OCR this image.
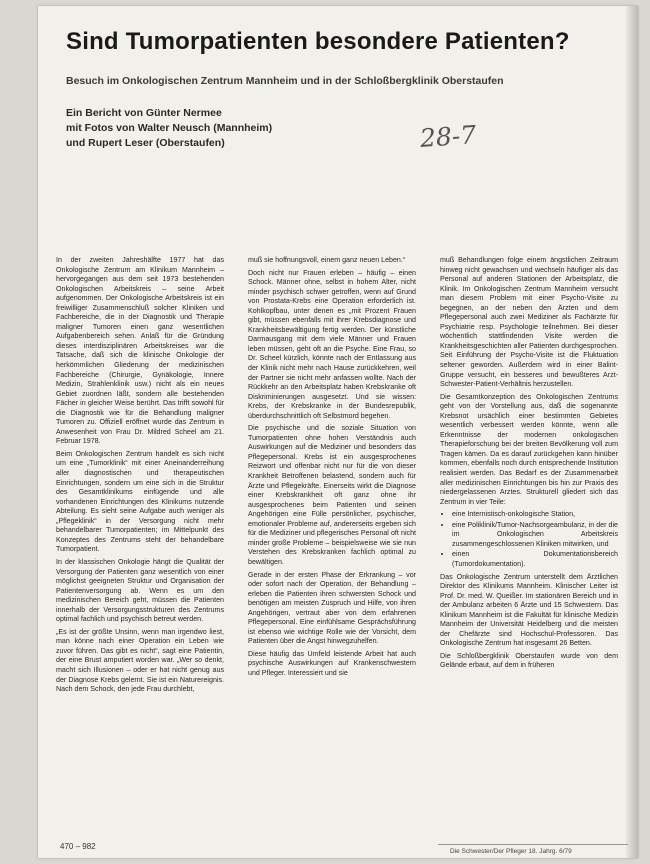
Sind Tumorpatienten besondere Patienten?
Besuch im Onkologischen Zentrum Mannheim und in der Schloßbergklinik Oberstaufen
Ein Bericht von Günter Nermee
mit Fotos von Walter Neusch (Mannheim)
und Rupert Leser (Oberstaufen)	28-7

In der zweiten Jahreshälfte 1977 hat das Onkologische Zentrum am Klinikum Mannheim – hervorgegangen aus dem seit 1973 bestehenden Onkologischen Arbeitskreis – seine Arbeit aufgenommen. Der Onkologische Arbeitskreis ist ein freiwilliger Zusammenschluß solcher Kliniken und Fachbereiche, die in der Diagnostik und Therapie maligner Tumoren einen ganz wesentlichen Aufgabenbereich sehen. Anlaß für die Gründung dieses interdisziplinären Arbeitskreises war die Tatsache, daß sich die klinische Onkologie der herkömmlichen Gliederung der medizinischen Fachbereiche (Chirurgie, Gynäkologie, Innere Medizin, Strahlenklinik usw.) nicht als ein neues Gebiet zuordnen läßt, sondern alle bestehenden Fächer in gleicher Weise berührt. Das trifft sowohl für die Diagnostik wie für die Behandlung maligner Tumoren zu. Offiziell eröffnet wurde das Zentrum in Anwesenheit von Frau Dr. Mildred Scheel am 21. Februar 1978.

Beim Onkologischen Zentrum handelt es sich nicht um eine „Tumorklinik“ mit einer Aneinanderreihung aller diagnostischen und therapeutischen Einrichtungen, sondern um eine sich in die Struktur des Gesamtklinikums einfügende und alle vorhandenen Einrichtungen des Klinikums nutzende Abteilung. Es sieht seine Aufgabe auch weniger als „Pflegeklinik“ in der Versorgung nicht mehr behandelbarer Tumorpatienten; im Mittelpunkt des Konzeptes des Zentrums steht der behandelbare Tumorpatient.

In der klassischen Onkologie hängt die Qualität der Versorgung der Patienten ganz wesentlich von einer möglichst geeigneten Struktur und Organisation der Patientenversorgung ab. Wenn es um den medizinischen Bereich geht, müssen die Patienten innerhalb der Versorgungsstrukturen des Zentrums optimal fachlich und psychisch betreut werden.

„Es ist der größte Unsinn, wenn man irgendwo liest, man könne nach einer Operation ein Leben wie zuvor führen. Das gibt es nicht“, sagt eine Patientin, der eine Brust amputiert worden war. „Wer so denkt, macht sich Illusionen – oder er hat nicht genug aus der Diagnose Krebs gelernt. Sie ist ein Naturereignis. Nach dem Schock, den jede Frau durchlebt,

muß sie hoffnungsvoll, einem ganz neuen Leben.“

Doch nicht nur Frauen erleben – häufig – einen Schock. Männer ohne, selbst in hohem Alter, nicht minder psychisch schwer getroffen, wenn auf Grund von Prostata-Krebs eine Operation erforderlich ist. Kohlkopfbau, unter denen es „mit Prozent Frauen gibt, müssen ebenfalls mit ihrer Krebsdiagnose und Krankheitsbewältigung fertig werden. Der künstliche Darmausgang mit dem viele Männer und Frauen leben müssen, geht oft an die Psyche. Eine Frau, so Dr. Scheel kürzlich, könnte nach der Entlassung aus der Klinik nicht mehr nach Hause zurückkehren, weil der Partner sie nicht mehr anfassen wollte. Nach der Rückkehr an den Arbeitsplatz haben Krebskranke oft Diskriminierungen ausgesetzt. Und sie wissen: Krebs, der Krebskranke in der Bundesrepublik, überdurchschnittlich oft Selbstmord begehen.

Die psychische und die soziale Situation von Tumorpatienten ohne hohen Verständnis auch Auswirkungen auf die Mediziner und besonders das Pflegepersonal. Krebs ist ein ausgesprochenes Reizwort und offenbar nicht nur für die von dieser Krankheit Betroffenen belastend, sondern auch für Ärzte und Pflegekräfte. Einerseits wirkt die Diagnose einer Krebskrankheit oft ganz ohne ihr ausgesprochenes beim Patienten und seinen Angehörigen eine Fülle persönlicher, psychischer, emotionaler Probleme auf, andererseits ergeben sich für die Mediziner und pflegerisches Personal oft nicht minder große Probleme – beispielsweise wie sie nun Verstehen des Krebskranken fachlich optimal zu bewältigen.

Gerade in der ersten Phase der Erkrankung – vor oder sofort nach der Operation, der Behandlung – erleben die Patienten ihren schwersten Schock und benötigen am meisten Zuspruch und Hilfe, von ihren Angehörigen, vertraut aber von dem erfahrenen Pflegepersonal. Eine einfühlsame Gesprächsführung ist ebenso wie wichtige Rolle wie der Vorsicht, dem Patienten über die Angst hinwegzuhelfen.

Diese häufig das Umfeld leistende Arbeit hat auch psychische Auswirkungen auf Krankenschwestern und Pfleger. Interessiert und sie

muß Behandlungen folge einem ängstlichen Zeitraum hinweg nicht gewachsen und wechseln häufiger als das Personal auf anderen Stationen der Arbeitsplatz, die Klinik. Im Onkologischen Zentrum Mannheim versucht man diesem Problem mit einer Psycho-Visite zu begegnen, an der neben den Ärzten und dem Pflegepersonal auch zwei Mediziner als Fachärzte für Psychiatrie resp. Psychologie teilnehmen. Bei dieser wöchentlich stattfindenden Visite werden die Krankheitsgeschichten aller Patienten durchgesprochen. Seit Einführung der Psycho-Visite ist die Fluktuation seltener geworden. Außerdem wird in einer Balint-Gruppe versucht, ein besseres und bewußteres Arzt-Schwester-Patient-Verhältnis herzustellen.

Die Gesamtkonzeption des Onkologischen Zentrums geht von der Vorstellung aus, daß die sogenannte Krebsnot ursächlich einer bestimmten Gebietes wesentlich verbessert werden könnte, wenn alle Erkenntnisse der modernen onkologischen Therapieforschung bei der breiten Bevölkerung voll zum Tragen kämen. Da es darauf zurückgehen kann hinüber kommen, ebenfalls noch durch entsprechende Institution realisiert werden. Das Bedarf es der Zusammenarbeit aller medizinischen Einrichtungen bis hin zur Praxis des niedergelassenen Arztes. Strukturell gliedert sich das Zentrum in vier Teile:

• eine Internistisch-onkologische Station,
• eine Poliklinik/Tumor-Nachsorgeambulanz, in der die im Onkologischen Arbeitskreis zusammengeschlossenen Kliniken mitwirken, und
• einen Dokumentationsbereich (Tumordokumentation).

Das Onkologische Zentrum unterstellt dem Ärztlichen Direktor des Klinikums Mannheim. Klinischer Leiter ist Prof. Dr. med. W. Queißer. Im stationären Bereich und in der Ambulanz arbeiten 6 Ärzte und 15 Schwestern. Das Klinikum Mannheim ist die Fakultät für klinische Medizin Mannheim der Universität Heidelberg und die meisten der Chefärzte sind Hochschul-Professoren. Das Onkologische Zentrum hat insgesamt 26 Betten.

Die Schloßbergklinik Oberstaufen wurde von dem Gelände erbaut, auf dem in früheren

470 – 982
Die Schwester/Der Pfleger 18. Jahrg. 6/79
